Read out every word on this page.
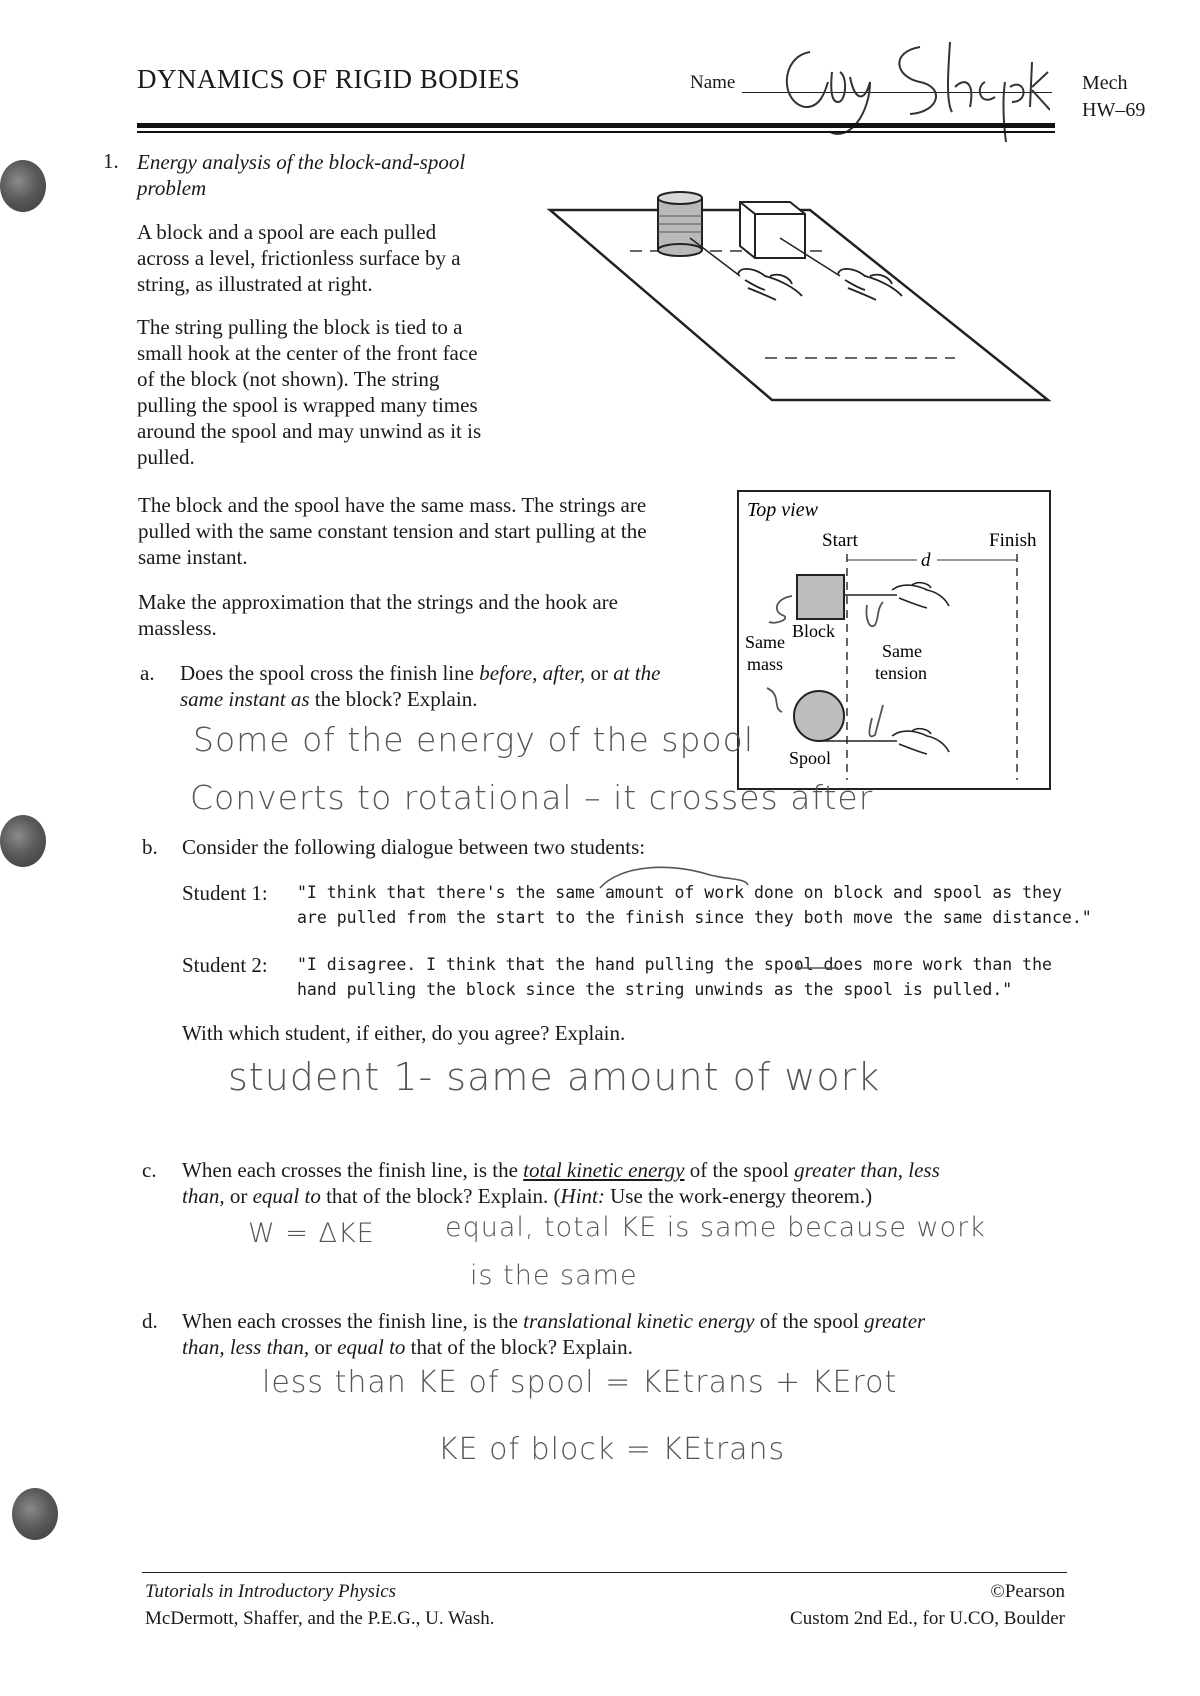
DYNAMICS OF RIGID BODIES	Name	Mech
HW–69
1. Energy analysis of the block-and-spool
problem
A block and a spool are each pulled
across a level, frictionless surface by a
string, as illustrated at right.
The string pulling the block is tied to a
small hook at the center of the front face
of the block (not shown). The string
pulling the spool is wrapped many times
around the spool and may unwind as it is
pulled.
The block and the spool have the same mass. The strings are
pulled with the same constant tension and start pulling at the
same instant.
Make the approximation that the strings and the hook are
massless.
Top view
Start	Finish
d
Block
Same
mass
Same
tension
Spool
a. Does the spool cross the finish line before, after, or at the
same instant as the block? Explain.
Some of the energy of the spool
Converts to rotational – it crosses after
b. Consider the following dialogue between two students:
Student 1: "I think that there's the same amount of work done on block and spool as they
are pulled from the start to the finish since they both move the same distance."
Student 2: "I disagree. I think that the hand pulling the spool does more work than the
hand pulling the block since the string unwinds as the spool is pulled."
With which student, if either, do you agree? Explain.
student 1- same amount of work
c. When each crosses the finish line, is the total kinetic energy of the spool greater than, less
than, or equal to that of the block? Explain. (Hint: Use the work-energy theorem.)
W = ΔKE	equal, total KE is same because work
is the same
d. When each crosses the finish line, is the translational kinetic energy of the spool greater
than, less than, or equal to that of the block? Explain.
less than KE of spool = KEtrans + KErot
KE of block = KEtrans
Tutorials in Introductory Physics
McDermott, Shaffer, and the P.E.G., U. Wash.
©Pearson
Custom 2nd Ed., for U.CO, Boulder
